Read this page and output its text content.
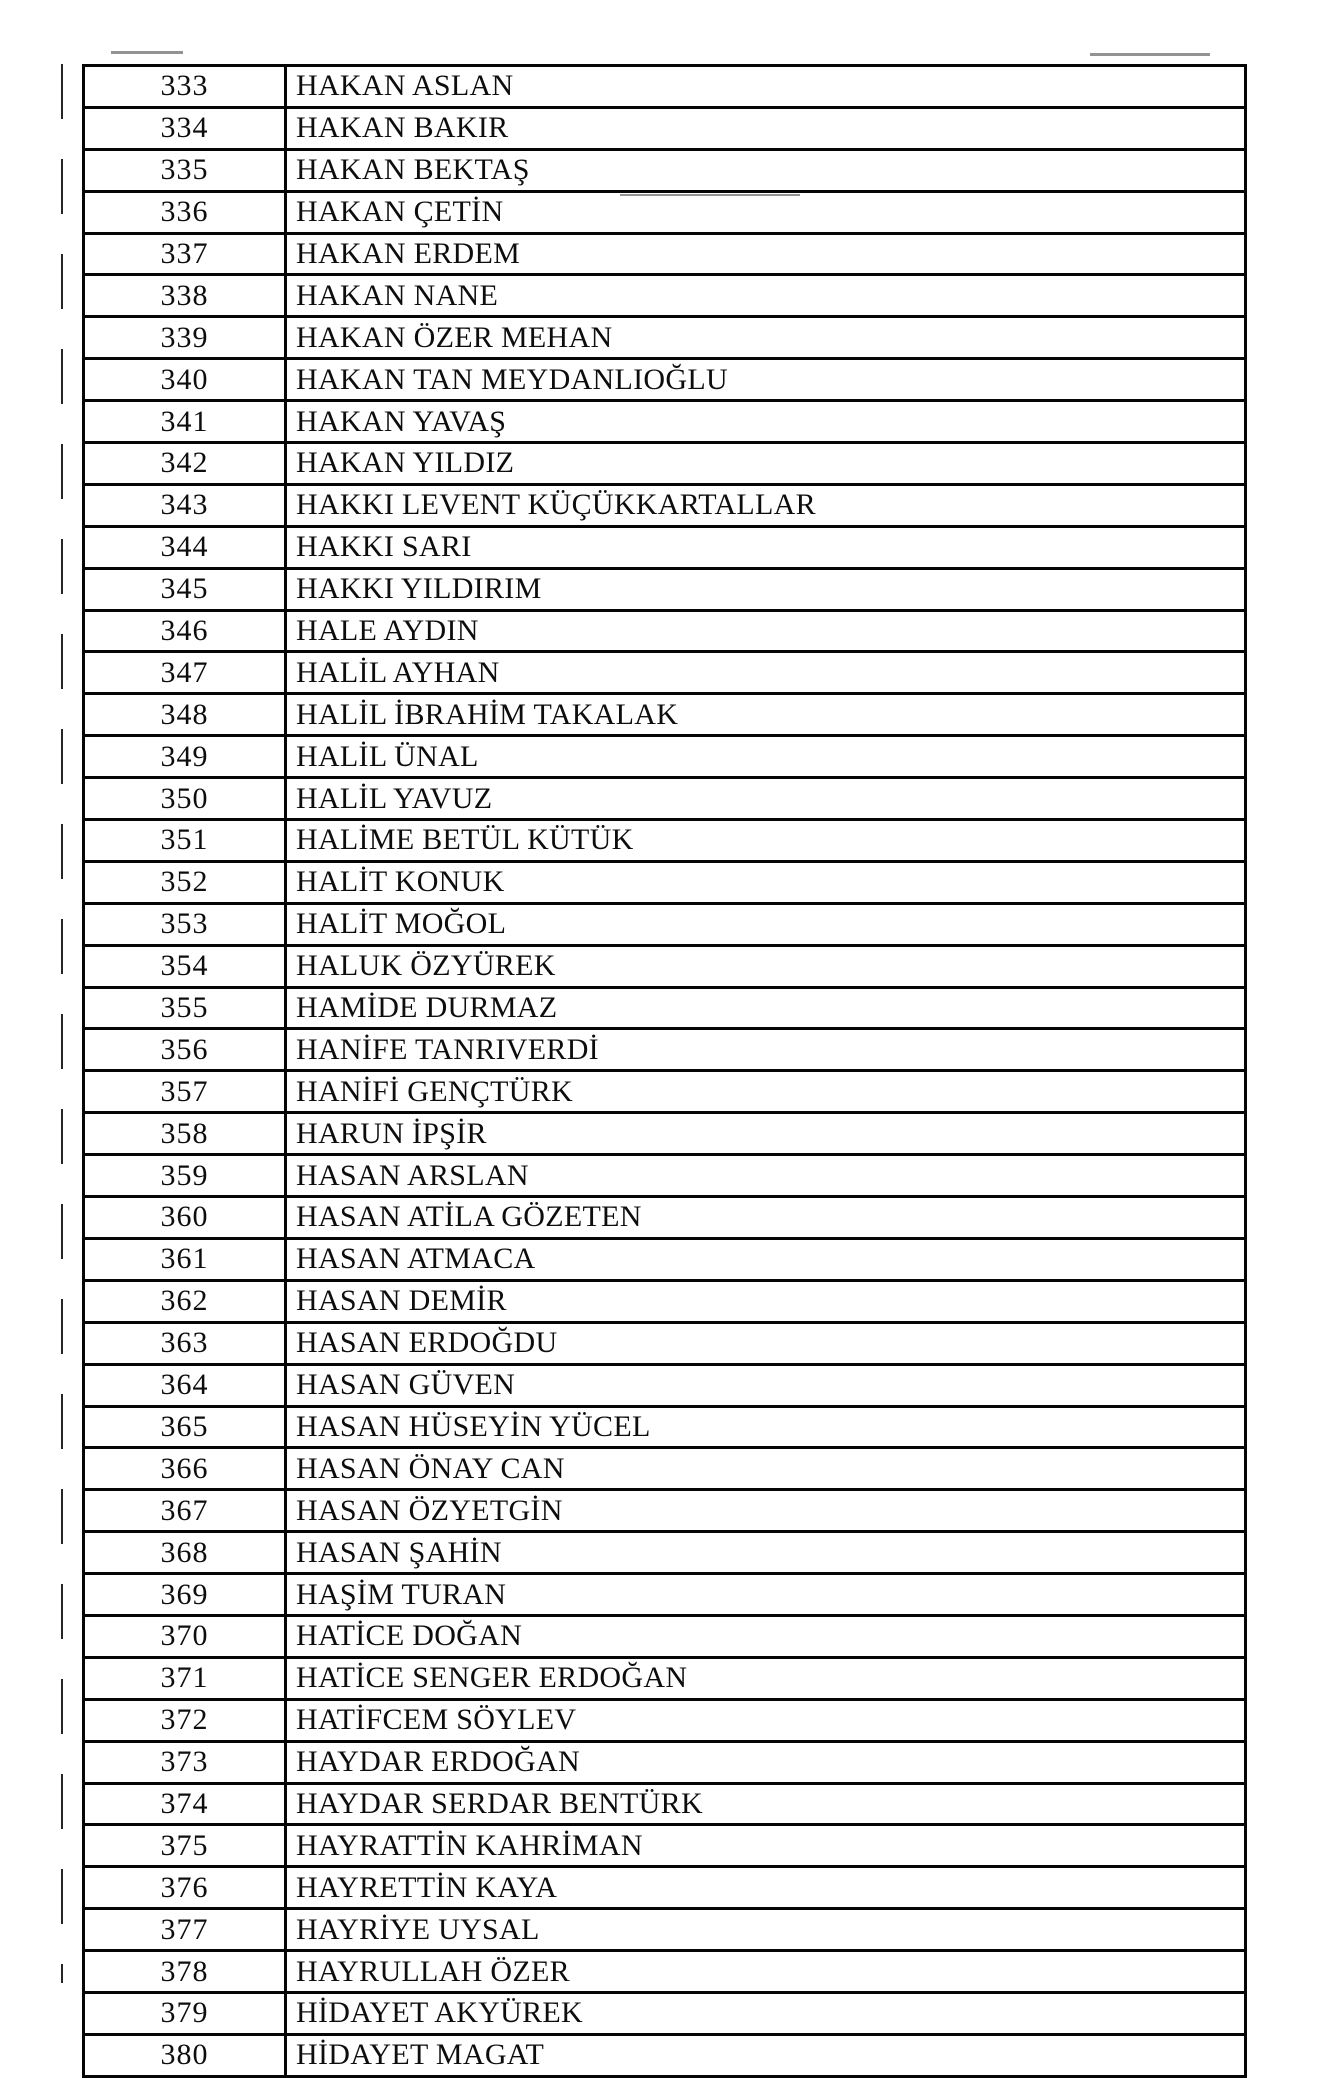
333	HAKAN ASLAN
334	HAKAN BAKIR
335	HAKAN BEKTAŞ
336	HAKAN ÇETİN
337	HAKAN ERDEM
338	HAKAN NANE
339	HAKAN ÖZER MEHAN
340	HAKAN TAN MEYDANLIOĞLU
341	HAKAN YAVAŞ
342	HAKAN YILDIZ
343	HAKKI LEVENT KÜÇÜKKARTALLAR
344	HAKKI SARI
345	HAKKI YILDIRIM
346	HALE AYDIN
347	HALİL AYHAN
348	HALİL İBRAHİM TAKALAK
349	HALİL ÜNAL
350	HALİL YAVUZ
351	HALİME BETÜL KÜTÜK
352	HALİT KONUK
353	HALİT MOĞOL
354	HALUK ÖZYÜREK
355	HAMİDE DURMAZ
356	HANİFE TANRIVERDİ
357	HANİFİ GENÇTÜRK
358	HARUN İPŞİR
359	HASAN ARSLAN
360	HASAN ATİLA GÖZETEN
361	HASAN ATMACA
362	HASAN DEMİR
363	HASAN ERDOĞDU
364	HASAN GÜVEN
365	HASAN HÜSEYİN YÜCEL
366	HASAN ÖNAY CAN
367	HASAN ÖZYETGİN
368	HASAN ŞAHİN
369	HAŞİM TURAN
370	HATİCE DOĞAN
371	HATİCE SENGER ERDOĞAN
372	HATİFCEM SÖYLEV
373	HAYDAR ERDOĞAN
374	HAYDAR SERDAR BENTÜRK
375	HAYRATTİN KAHRİMAN
376	HAYRETTİN KAYA
377	HAYRİYE UYSAL
378	HAYRULLAH ÖZER
379	HİDAYET AKYÜREK
380	HİDAYET MAGAT
